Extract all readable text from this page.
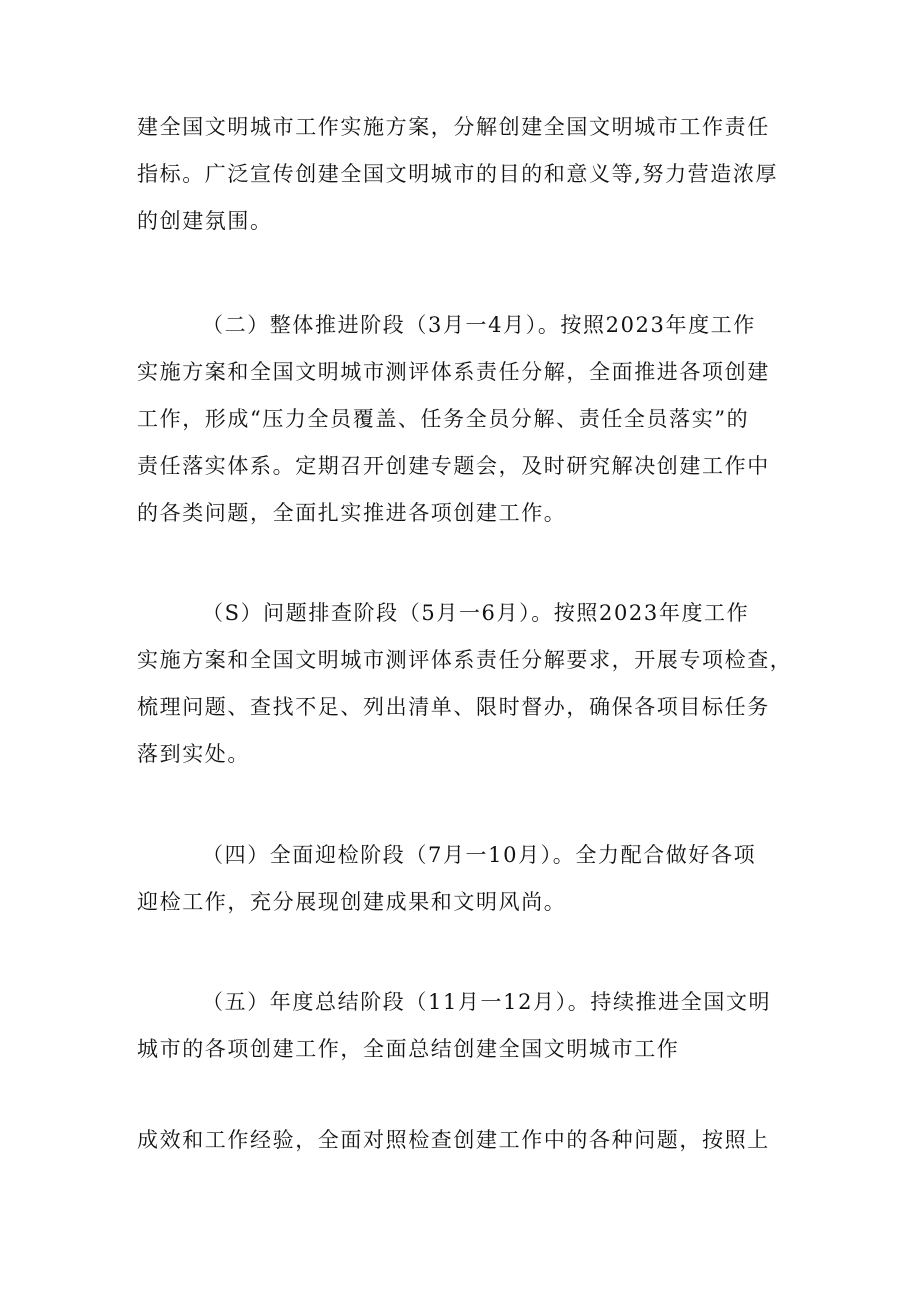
建全国文明城市工作实施方案，分解创建全国文明城市工作责任
指标。广泛宣传创建全国文明城市的目的和意义等,努力营造浓厚
的创建氛围。

（二）整体推进阶段（3月一4月）。按照2023年度工作
实施方案和全国文明城市测评体系责任分解，全面推进各项创建
工作，形成“压力全员覆盖、任务全员分解、责任全员落实”的
责任落实体系。定期召开创建专题会，及时研究解决创建工作中
的各类问题，全面扎实推进各项创建工作。

（S）问题排查阶段（5月一6月）。按照2023年度工作
实施方案和全国文明城市测评体系责任分解要求，开展专项检查，
梳理问题、查找不足、列出清单、限时督办，确保各项目标任务
落到实处。

（四）全面迎检阶段（7月一10月）。全力配合做好各项
迎检工作，充分展现创建成果和文明风尚。

（五）年度总结阶段（11月一12月）。持续推进全国文明
城市的各项创建工作，全面总结创建全国文明城市工作

成效和工作经验，全面对照检查创建工作中的各种问题，按照上
